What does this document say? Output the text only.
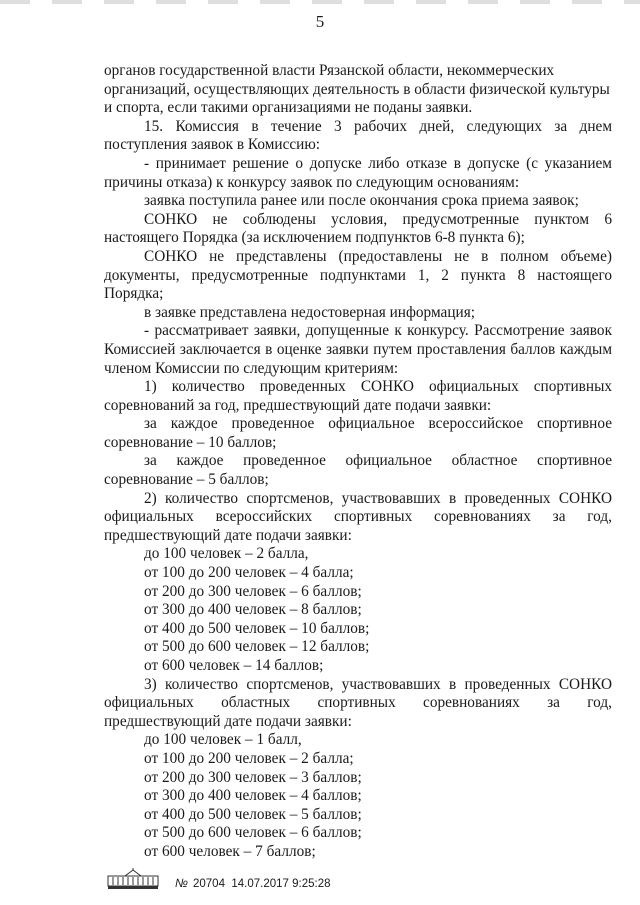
5

органов государственной власти Рязанской области, некоммерческих организаций, осуществляющих деятельность в области физической культуры и спорта, если такими организациями не поданы заявки.

15. Комиссия в течение 3 рабочих дней, следующих за днем поступления заявок в Комиссию:

- принимает решение о допуске либо отказе в допуске (с указанием причины отказа) к конкурсу заявок по следующим основаниям:

заявка поступила ранее или после окончания срока приема заявок;

СОНКО не соблюдены условия, предусмотренные пунктом 6 настоящего Порядка (за исключением подпунктов 6-8 пункта 6);

СОНКО не представлены (предоставлены не в полном объеме) документы, предусмотренные подпунктами 1, 2 пункта 8 настоящего Порядка;

в заявке представлена недостоверная информация;

- рассматривает заявки, допущенные к конкурсу. Рассмотрение заявок Комиссией заключается в оценке заявки путем проставления баллов каждым членом Комиссии по следующим критериям:

1) количество проведенных СОНКО официальных спортивных соревнований за год, предшествующий дате подачи заявки:

за каждое проведенное официальное всероссийское спортивное соревнование – 10 баллов;

за каждое проведенное официальное областное спортивное соревнование – 5 баллов;

2) количество спортсменов, участвовавших в проведенных СОНКО официальных всероссийских спортивных соревнованиях за год, предшествующий дате подачи заявки:

до 100 человек – 2 балла,

от 100 до 200 человек – 4 балла;

от 200 до 300 человек – 6 баллов;

от 300 до 400 человек – 8 баллов;

от 400 до 500 человек – 10 баллов;

от 500 до 600 человек – 12 баллов;

от 600 человек – 14 баллов;

3) количество спортсменов, участвовавших в проведенных СОНКО официальных областных спортивных соревнованиях за год, предшествующий дате подачи заявки:

до 100 человек – 1 балл,

от 100 до 200 человек – 2 балла;

от 200 до 300 человек – 3 баллов;

от 300 до 400 человек – 4 баллов;

от 400 до 500 человек – 5 баллов;

от 500 до 600 человек – 6 баллов;

от 600 человек – 7 баллов;

№ 20704
14.07.2017
9:25:28
